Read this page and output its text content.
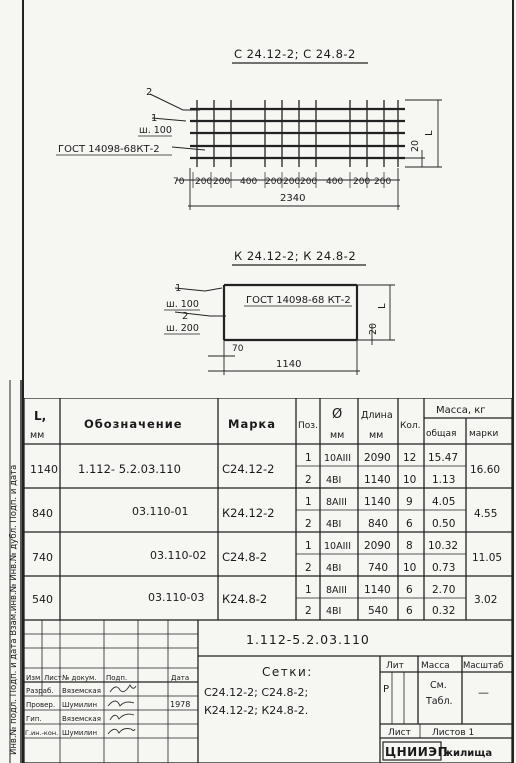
Инв.№ подл. Подп. и дата Взам.инв.№ Инв.№ дубл. Подп. и дата
С 24.12-2; С 24.8-2
2
1
ш. 100
ГОСТ 14098-68КТ-2	20
L
70 200 200 400 200 200 200 400 200 200
2340
К 24.12-2; К 24.8-2
1
ш. 100
2
ш. 200
ГОСТ 14098-68 КТ-2
20
L
70
1140
L,
мм
Обозначение	Марка Поз.
Ø
мм
Длина
мм
Кол.
Масса, кг
общая марки
1140 1.112- 5.2.03.110	С24.12-2
1 10АIII 2090 12 15.47
2 4BI 1140 10 1.13
16.60
840	03.110-01	К24.12-2
1 8АIII 1140 9 4.05
2 4BI	840 6 0.50
4.55
740	03.110-02 С24.8-2
1 10АIII 2090 8 10.32
2 4BI	740 10 0.73
11.05
540	03.110-03 К24.8-2
1 8АIII 1140 6 2.70
2 4BI	540 6 0.32
3.02
1.112-5.2.03.110
Изм Лист № докум. Подп.	Дата
Разраб. Вяземская
Провер. Шумилин	1978
Гип.	Вяземская
Г.ин.-кон. Шумилин
Сетки:
С24.12-2; С24.8-2;
К24.12-2; К24.8-2.
Лит Масса Масштаб
Р	См.
Табл.
—
Лист Листов 1
ЦНИИЭП
жилища
